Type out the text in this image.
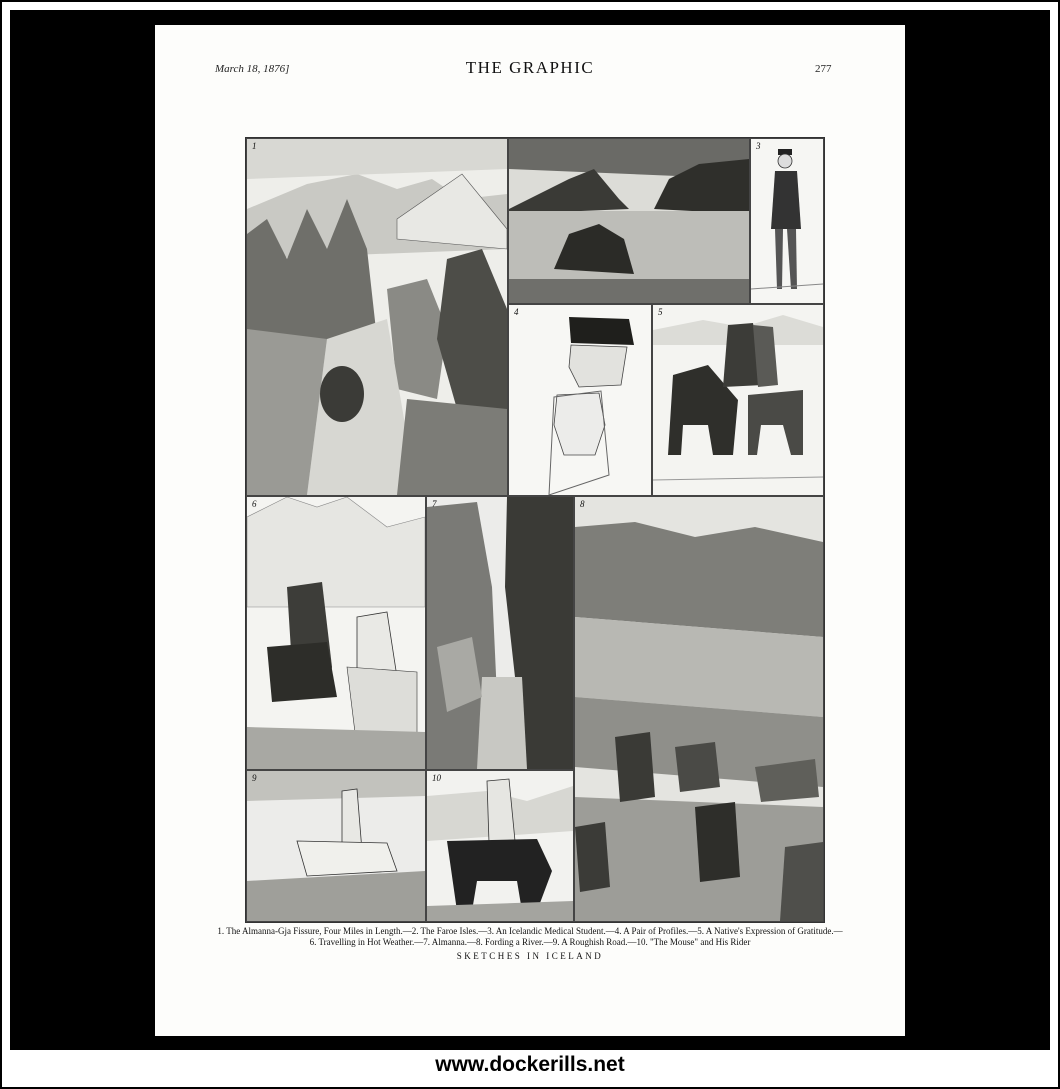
March 18, 1876]	THE GRAPHIC	277
1	3
4	5
6	7	8
9	10
1. The Almanna-Gja Fissure, Four Miles in Length.—2. The Faroe Isles.—3. An Icelandic Medical Student.—4. A Pair of Profiles.—5. A Native's Expression of Gratitude.—
6. Travelling in Hot Weather.—7. Almanna.—8. Fording a River.—9. A Roughish Road.—10. "The Mouse" and His Rider
SKETCHES IN ICELAND
www.dockerills.net
